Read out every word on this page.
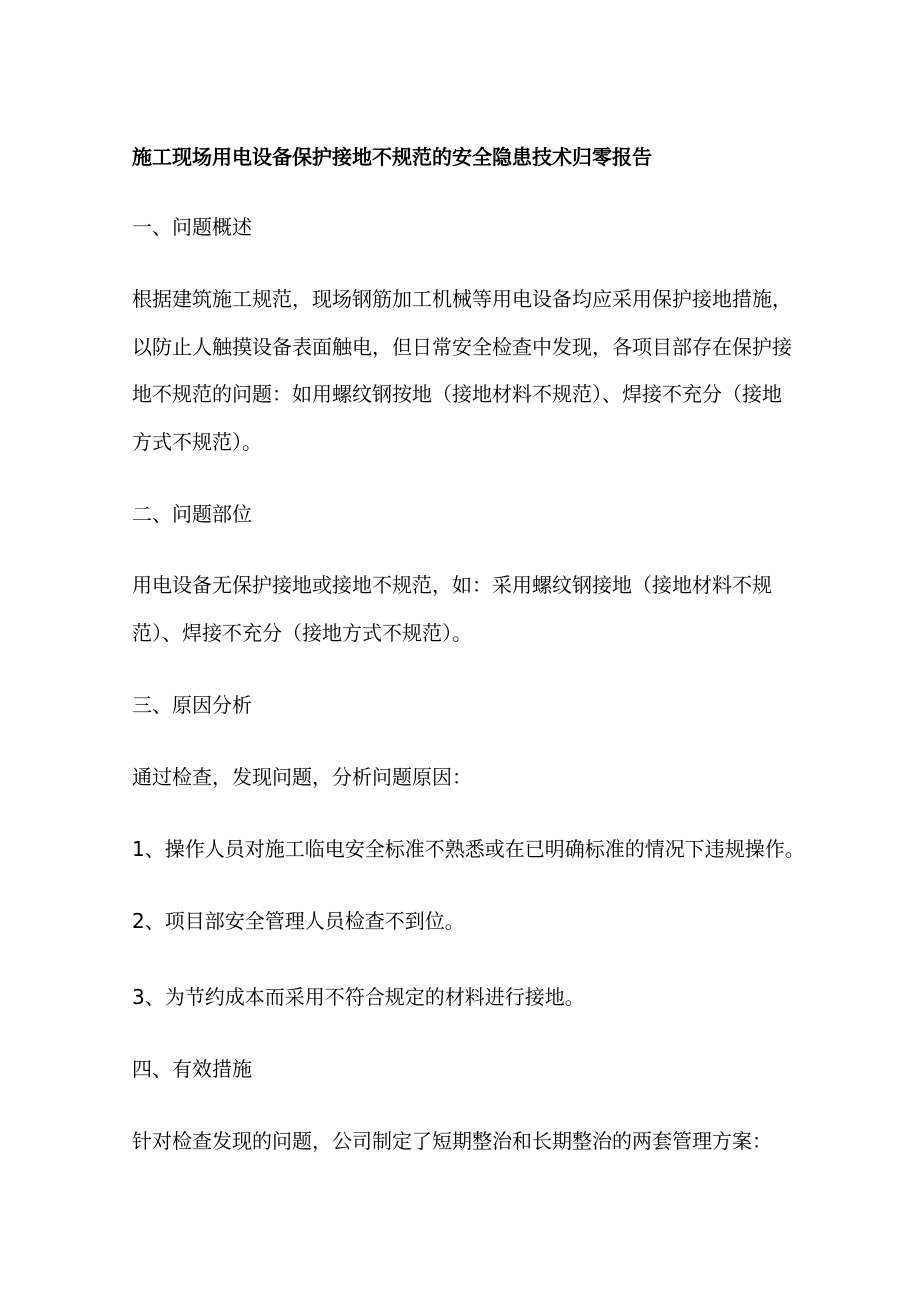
施工现场用电设备保护接地不规范的安全隐患技术归零报告

一、问题概述

根据建筑施工规范，现场钢筋加工机械等用电设备均应采用保护接地措施，

以防止人触摸设备表面触电，但日常安全检查中发现，各项目部存在保护接

地不规范的问题：如用螺纹钢按地（接地材料不规范）、焊接不充分（接地

方式不规范）。

二、问题部位

用电设备无保护接地或接地不规范，如：采用螺纹钢接地（接地材料不规

范）、焊接不充分（接地方式不规范）。

三、原因分析

通过检查，发现问题，分析问题原因：

1、操作人员对施工临电安全标准不熟悉或在已明确标准的情况下违规操作。

2、项目部安全管理人员检查不到位。

3、为节约成本而采用不符合规定的材料进行接地。

四、有效措施

针对检查发现的问题，公司制定了短期整治和长期整治的两套管理方案：
